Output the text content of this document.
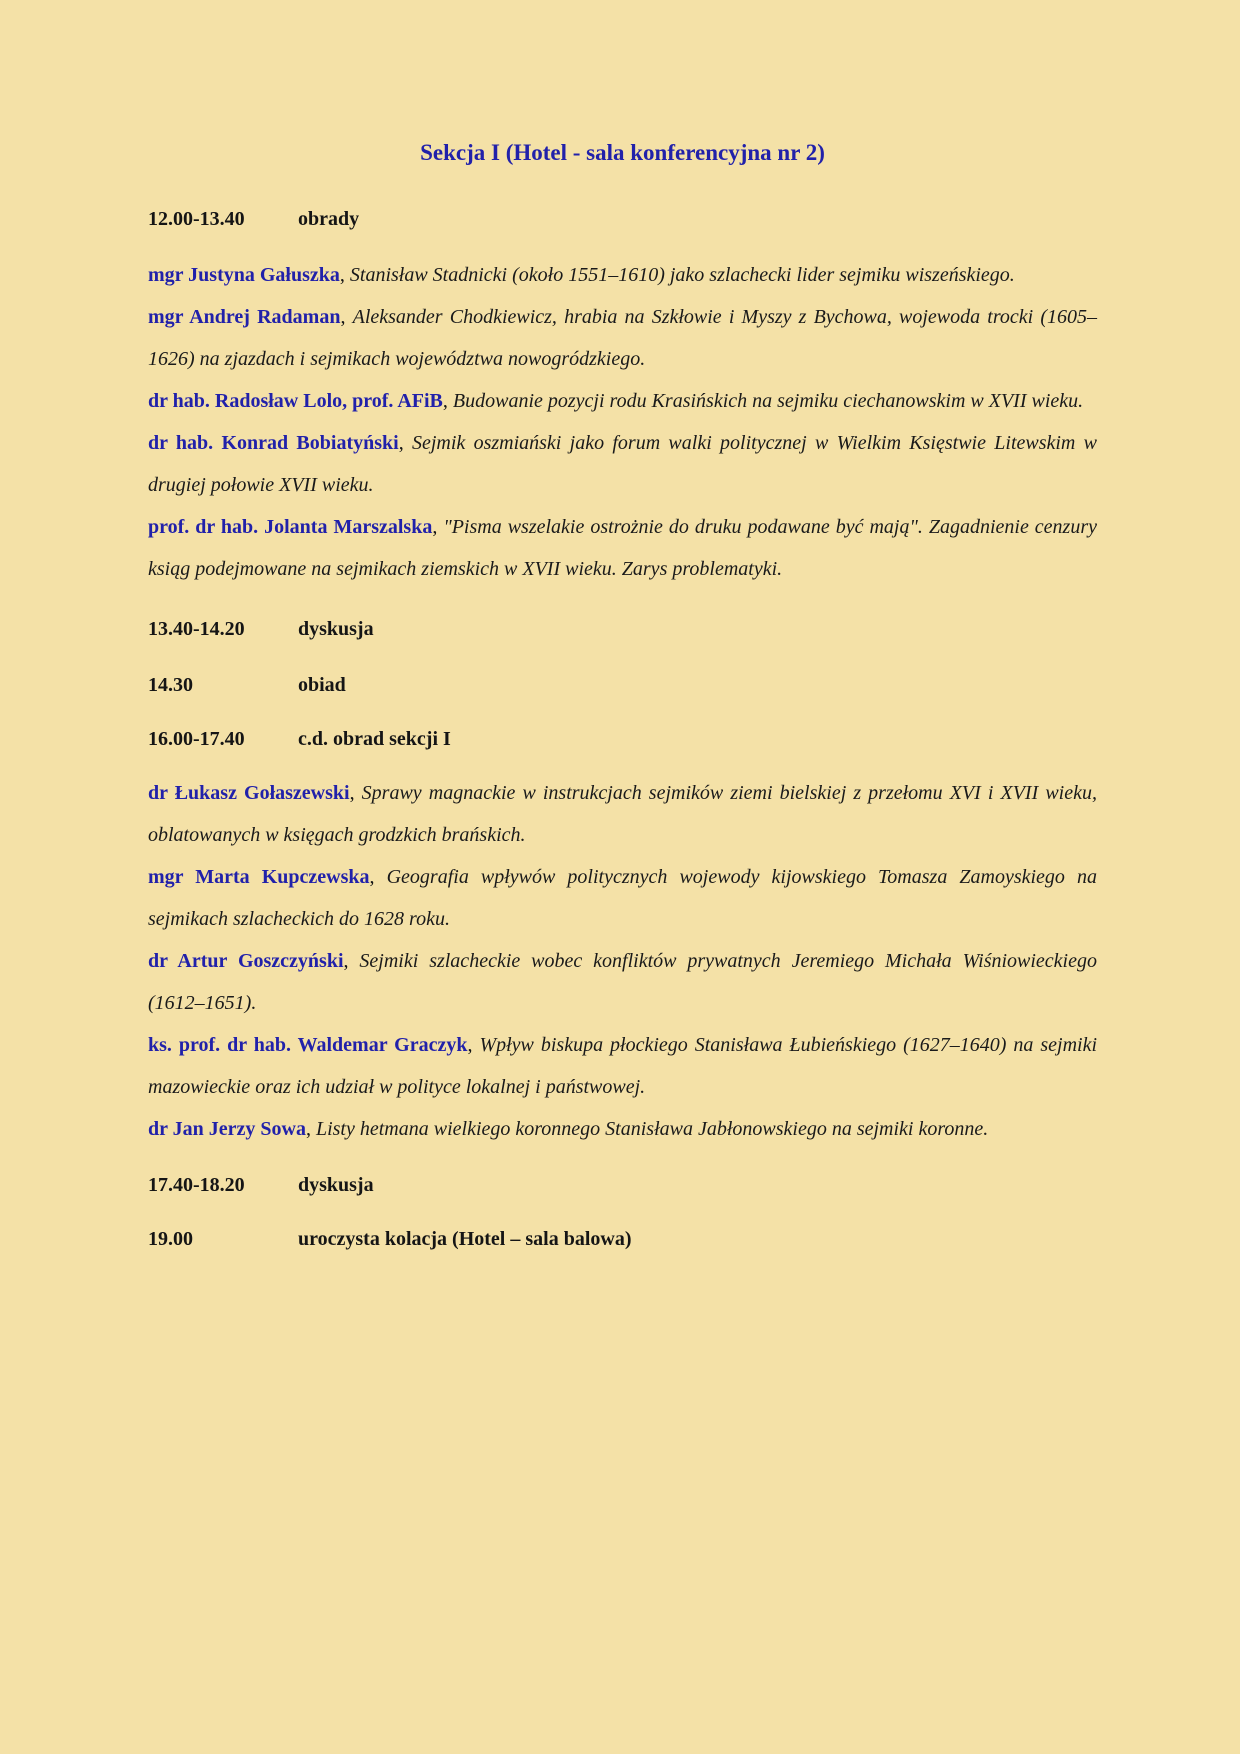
Sekcja I (Hotel - sala konferencyjna nr 2)
12.00-13.40	obrady

mgr Justyna Gałuszka, Stanisław Stadnicki (około 1551–1610) jako szlachecki lider sejmiku wiszeńskiego.

mgr Andrej Radaman, Aleksander Chodkiewicz, hrabia na Szkłowie i Myszy z Bychowa, wojewoda trocki (1605–1626) na zjazdach i sejmikach województwa nowogródzkiego.

dr hab. Radosław Lolo, prof. AFiB, Budowanie pozycji rodu Krasińskich na sejmiku ciechanowskim w XVII wieku.

dr hab. Konrad Bobiatyński, Sejmik oszmiański jako forum walki politycznej w Wielkim Księstwie Litewskim w drugiej połowie XVII wieku.

prof. dr hab. Jolanta Marszalska, "Pisma wszelakie ostrożnie do druku podawane być mają". Zagadnienie cenzury ksiąg podejmowane na sejmikach ziemskich w XVII wieku. Zarys problematyki.

13.40-14.20	dyskusja
14.30	obiad
16.00-17.40	c.d. obrad sekcji I

dr Łukasz Gołaszewski, Sprawy magnackie w instrukcjach sejmików ziemi bielskiej z przełomu XVI i XVII wieku, oblatowanych w księgach grodzkich brańskich.

mgr Marta Kupczewska, Geografia wpływów politycznych wojewody kijowskiego Tomasza Zamoyskiego na sejmikach szlacheckich do 1628 roku.

dr Artur Goszczyński, Sejmiki szlacheckie wobec konfliktów prywatnych Jeremiego Michała Wiśniowieckiego (1612–1651).

ks. prof. dr hab. Waldemar Graczyk, Wpływ biskupa płockiego Stanisława Łubieńskiego (1627–1640) na sejmiki mazowieckie oraz ich udział w polityce lokalnej i państwowej.

dr Jan Jerzy Sowa, Listy hetmana wielkiego koronnego Stanisława Jabłonowskiego na sejmiki koronne.

17.40-18.20	dyskusja
19.00	uroczysta kolacja (Hotel – sala balowa)
